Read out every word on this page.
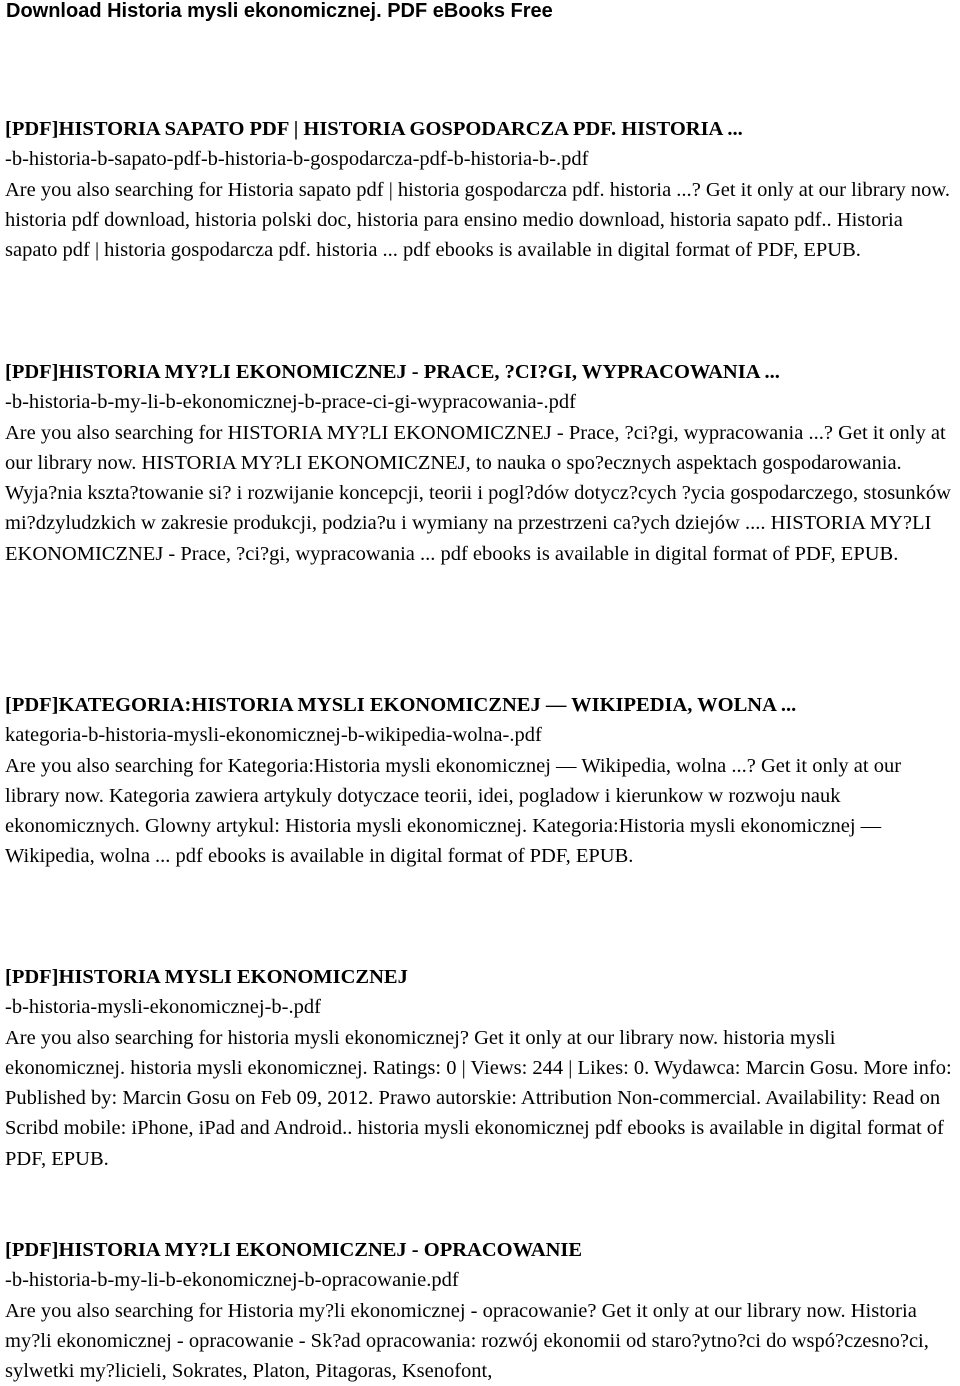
Download Historia mysli ekonomicznej. PDF eBooks Free

[PDF]HISTORIA SAPATO PDF | HISTORIA GOSPODARCZA PDF. HISTORIA ...

-b-historia-b-sapato-pdf-b-historia-b-gospodarcza-pdf-b-historia-b-.pdf

Are you also searching for Historia sapato pdf | historia gospodarcza pdf. historia ...? Get it only at our library now. historia pdf download, historia polski doc, historia para ensino medio download, historia sapato pdf.. Historia sapato pdf | historia gospodarcza pdf. historia ... pdf ebooks is available in digital format of PDF, EPUB.

[PDF]HISTORIA MY?LI EKONOMICZNEJ - PRACE, ?CI?GI, WYPRACOWANIA ...

-b-historia-b-my-li-b-ekonomicznej-b-prace-ci-gi-wypracowania-.pdf

Are you also searching for HISTORIA MY?LI EKONOMICZNEJ - Prace, ?ci?gi, wypracowania ...? Get it only at our library now. HISTORIA MY?LI EKONOMICZNEJ, to nauka o spo?ecznych aspektach gospodarowania. Wyja?nia kszta?towanie si? i rozwijanie koncepcji, teorii i pogl?dów dotycz?cych ?ycia gospodarczego, stosunków mi?dzyludzkich w zakresie produkcji, podzia?u i wymiany na przestrzeni ca?ych dziejów .... HISTORIA MY?LI EKONOMICZNEJ - Prace, ?ci?gi, wypracowania ... pdf ebooks is available in digital format of PDF, EPUB.

[PDF]KATEGORIA:HISTORIA MYSLI EKONOMICZNEJ — WIKIPEDIA, WOLNA ...

kategoria-b-historia-mysli-ekonomicznej-b-wikipedia-wolna-.pdf

Are you also searching for Kategoria:Historia mysli ekonomicznej — Wikipedia, wolna ...? Get it only at our library now. Kategoria zawiera artykuly dotyczace teorii, idei, pogladow i kierunkow w rozwoju nauk ekonomicznych. Glowny artykul: Historia mysli ekonomicznej. Kategoria:Historia mysli ekonomicznej — Wikipedia, wolna ... pdf ebooks is available in digital format of PDF, EPUB.

[PDF]HISTORIA MYSLI EKONOMICZNEJ

-b-historia-mysli-ekonomicznej-b-.pdf

Are you also searching for historia mysli ekonomicznej? Get it only at our library now. historia mysli ekonomicznej. historia mysli ekonomicznej. Ratings: 0 | Views: 244 | Likes: 0. Wydawca: Marcin Gosu. More info: Published by: Marcin Gosu on Feb 09, 2012. Prawo autorskie: Attribution Non-commercial. Availability: Read on Scribd mobile: iPhone, iPad and Android.. historia mysli ekonomicznej pdf ebooks is available in digital format of PDF, EPUB.

[PDF]HISTORIA MY?LI EKONOMICZNEJ - OPRACOWANIE

-b-historia-b-my-li-b-ekonomicznej-b-opracowanie.pdf

Are you also searching for Historia my?li ekonomicznej - opracowanie? Get it only at our library now. Historia my?li ekonomicznej - opracowanie - Sk?ad opracowania: rozwój ekonomii od staro?ytno?ci do wspó?czesno?ci, sylwetki my?licieli, Sokrates, Platon, Pitagoras, Ksenofont,
